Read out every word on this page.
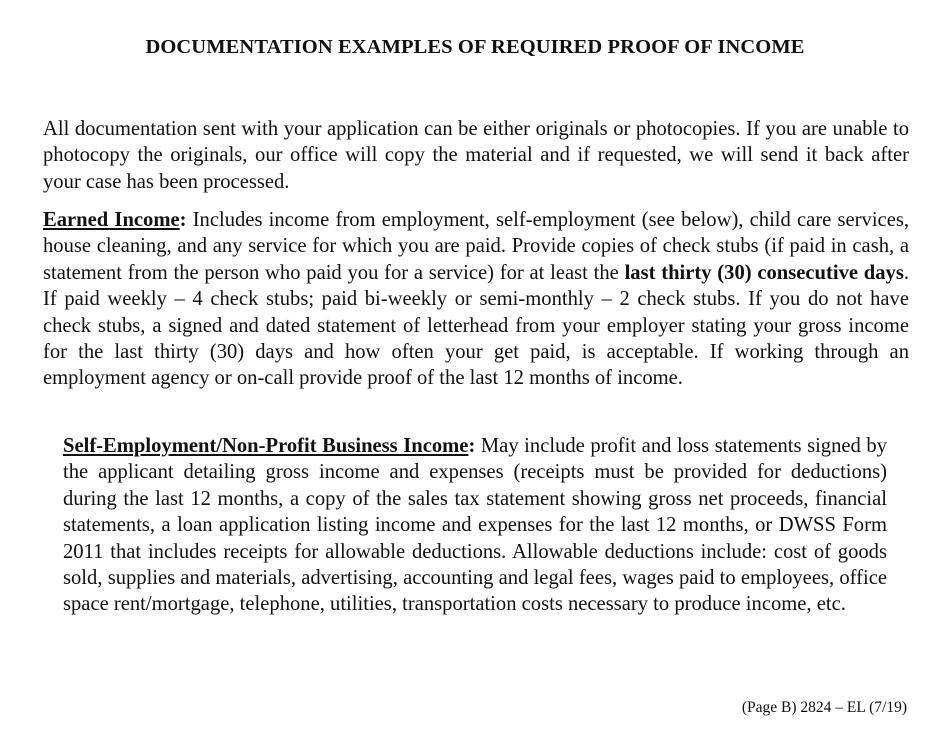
DOCUMENTATION EXAMPLES OF REQUIRED PROOF OF INCOME

All documentation sent with your application can be either originals or photocopies. If you are unable to photocopy the originals, our office will copy the material and if requested, we will send it back after your case has been processed.

Earned Income: Includes income from employment, self-employment (see below), child care services, house cleaning, and any service for which you are paid. Provide copies of check stubs (if paid in cash, a statement from the person who paid you for a service) for at least the last thirty (30) consecutive days. If paid weekly – 4 check stubs; paid bi-weekly or semi-monthly – 2 check stubs. If you do not have check stubs, a signed and dated statement of letterhead from your employer stating your gross income for the last thirty (30) days and how often your get paid, is acceptable. If working through an employment agency or on-call provide proof of the last 12 months of income.

Self-Employment/Non-Profit Business Income: May include profit and loss statements signed by the applicant detailing gross income and expenses (receipts must be provided for deductions) during the last 12 months, a copy of the sales tax statement showing gross net proceeds, financial statements, a loan application listing income and expenses for the last 12 months, or DWSS Form 2011 that includes receipts for allowable deductions. Allowable deductions include: cost of goods sold, supplies and materials, advertising, accounting and legal fees, wages paid to employees, office space rent/mortgage, telephone, utilities, transportation costs necessary to produce income, etc.

(Page B) 2824 – EL (7/19)
